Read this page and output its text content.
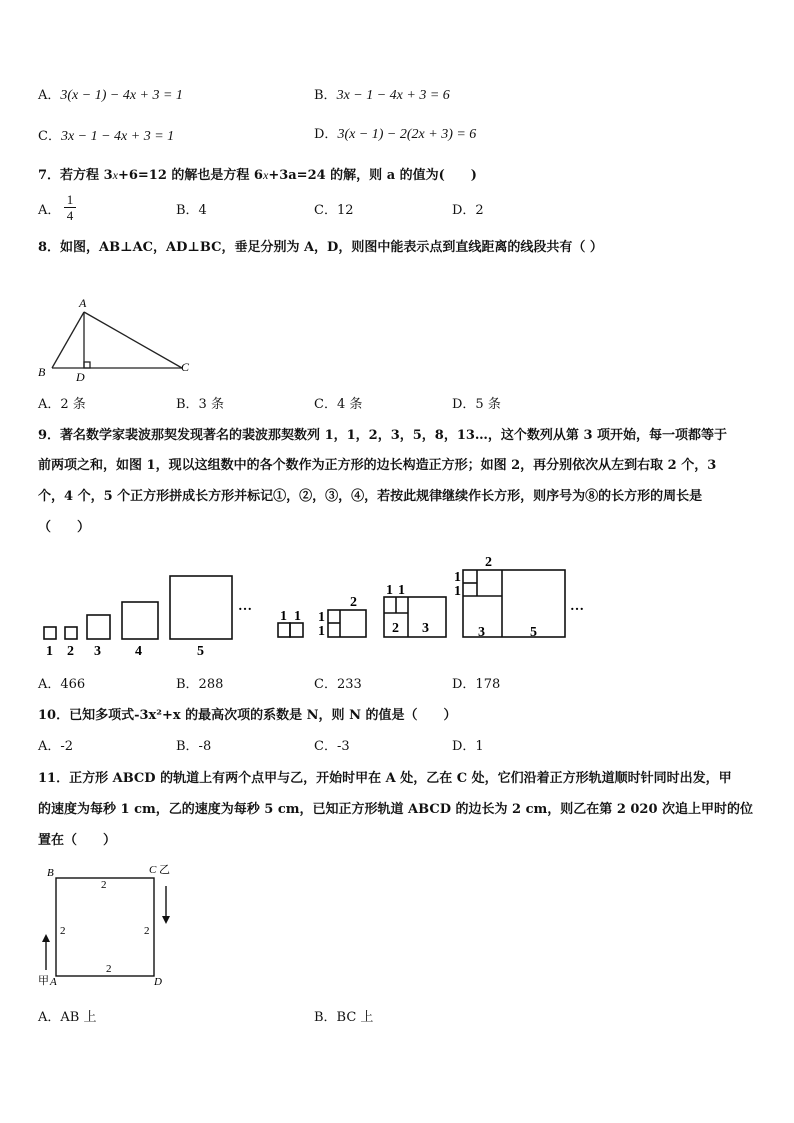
A．3(x − 1) − 4x + 3 = 1	B．3x − 1 − 4x + 3 = 6
C．3x − 1 − 4x + 3 = 1	D．3(x − 1) − 2(2x + 3) = 6
7．若方程 3x+6=12 的解也是方程 6x+3a=24 的解，则 a 的值为(　　)
A． $\frac{1}{4}$	B．4	C．12	D．2
8．如图，AB⊥AC，AD⊥BC，垂足分别为 A，D，则图中能表示点到直线距离的线段共有（ ）
A
B	C
D
A．2 条	B．3 条	C．4 条	D．5 条
9．著名数学家裴波那契发现著名的裴波那契数列 1，1，2，3，5，8，13…，这个数列从第 3 项开始，每一项都等于
前两项之和，如图 1，现以这组数中的各个数作为正方形的边长构造正方形；如图 2，再分别依次从左到右取 2 个，3
个，4 个，5 个正方形拼成长方形并标记①，②，③，④，若按此规律继续作长方形，则序号为⑧的长方形的周长是
（　　）
1 2 3 4	5
…
1 1 1
1
2
1 1
2 3
1
1
2
3	5
…
A．466	B．288	C．233	D．178
10．已知多项式-3x²+x 的最高次项的系数是 N，则 N 的值是（　　）
A．-2	B．-8	C．-3	D．1
11．正方形 ABCD 的轨道上有两个点甲与乙，开始时甲在 A 处，乙在 C 处，它们沿着正方形轨道顺时针同时出发，甲
的速度为每秒 1 cm，乙的速度为每秒 5 cm，已知正方形轨道 ABCD 的边长为 2 cm，则乙在第 2 020 次追上甲时的位
置在（　　）
B	C
A	D
乙
甲
2
2	2
2
A．AB 上	B．BC 上
